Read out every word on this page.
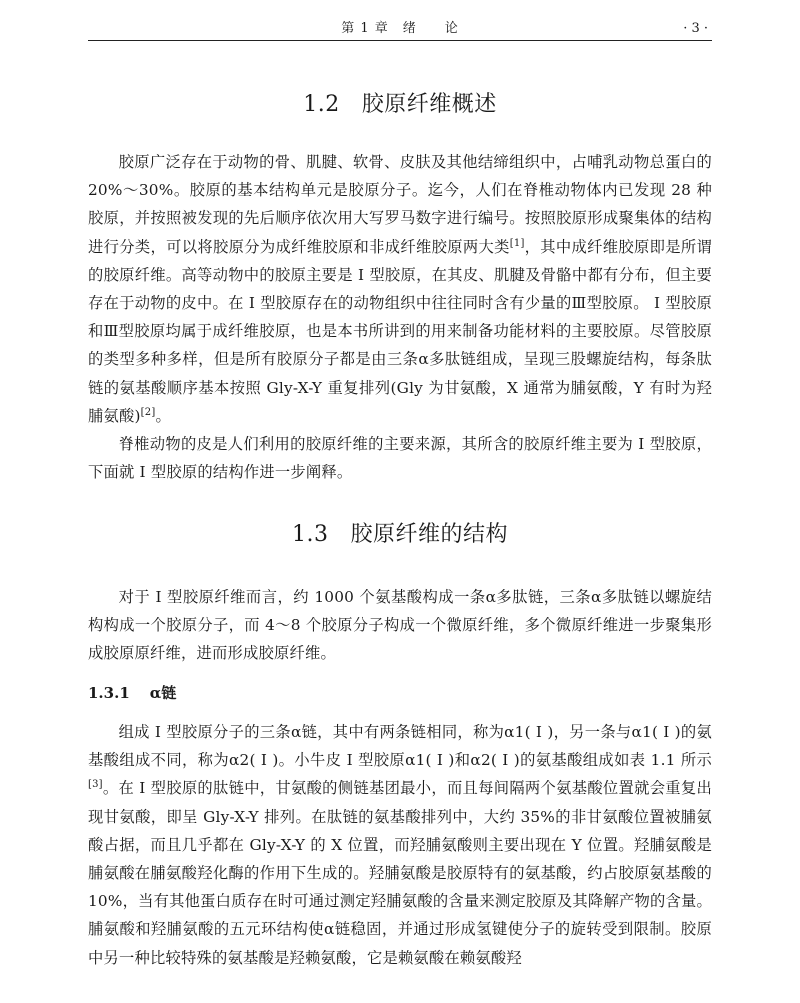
第 1 章　绪　　论	· 3 ·
1.2 胶原纤维概述

胶原广泛存在于动物的骨、肌腱、软骨、皮肤及其他结缔组织中，占哺乳动物总蛋白的 20%～30%。胶原的基本结构单元是胶原分子。迄今，人们在脊椎动物体内已发现 28 种胶原，并按照被发现的先后顺序依次用大写罗马数字进行编号。按照胶原形成聚集体的结构进行分类，可以将胶原分为成纤维胶原和非成纤维胶原两大类[1]，其中成纤维胶原即是所谓的胶原纤维。高等动物中的胶原主要是 I 型胶原，在其皮、肌腱及骨骼中都有分布，但主要存在于动物的皮中。在 I 型胶原存在的动物组织中往往同时含有少量的Ⅲ型胶原。 I 型胶原和Ⅲ型胶原均属于成纤维胶原，也是本书所讲到的用来制备功能材料的主要胶原。尽管胶原的类型多种多样，但是所有胶原分子都是由三条α多肽链组成，呈现三股螺旋结构，每条肽链的氨基酸顺序基本按照 Gly-X-Y 重复排列(Gly 为甘氨酸，X 通常为脯氨酸，Y 有时为羟脯氨酸)[2]。

脊椎动物的皮是人们利用的胶原纤维的主要来源，其所含的胶原纤维主要为 I 型胶原，下面就 I 型胶原的结构作进一步阐释。

1.3 胶原纤维的结构

对于 I 型胶原纤维而言，约 1000 个氨基酸构成一条α多肽链，三条α多肽链以螺旋结构构成一个胶原分子，而 4～8 个胶原分子构成一个微原纤维，多个微原纤维进一步聚集形成胶原原纤维，进而形成胶原纤维。

1.3.1 α链

组成 I 型胶原分子的三条α链，其中有两条链相同，称为α1( I )，另一条与α1( I )的氨基酸组成不同，称为α2( I )。小牛皮 I 型胶原α1( I )和α2( I )的氨基酸组成如表 1.1 所示[3]。在 I 型胶原的肽链中，甘氨酸的侧链基团最小，而且每间隔两个氨基酸位置就会重复出现甘氨酸，即呈 Gly-X-Y 排列。在肽链的氨基酸排列中，大约 35%的非甘氨酸位置被脯氨酸占据，而且几乎都在 Gly-X-Y 的 X 位置，而羟脯氨酸则主要出现在 Y 位置。羟脯氨酸是脯氨酸在脯氨酸羟化酶的作用下生成的。羟脯氨酸是胶原特有的氨基酸，约占胶原氨基酸的 10%，当有其他蛋白质存在时可通过测定羟脯氨酸的含量来测定胶原及其降解产物的含量。脯氨酸和羟脯氨酸的五元环结构使α链稳固，并通过形成氢键使分子的旋转受到限制。胶原中另一种比较特殊的氨基酸是羟赖氨酸，它是赖氨酸在赖氨酸羟
